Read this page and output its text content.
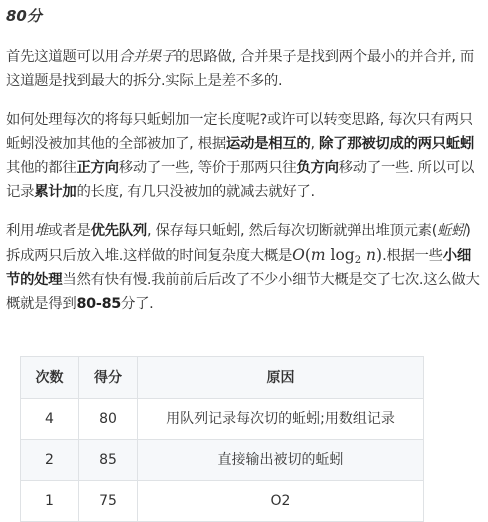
80分

首先这道题可以用合并果子的思路做, 合并果子是找到两个最小的并合并, 而这道题是找到最大的拆分.实际上是差不多的.

如何处理每次的将每只蚯蚓加一定长度呢?或许可以转变思路, 每次只有两只蚯蚓没被加其他的全部被加了, 根据运动是相互的, 除了那被切成的两只蚯蚓其他的都往正方向移动了一些, 等价于那两只往负方向移动了一些. 所以可以记录累计加的长度, 有几只没被加的就减去就好了.

利用堆或者是优先队列, 保存每只蚯蚓, 然后每次切断就弹出堆顶元素(蚯蚓)拆成两只后放入堆.这样做的时间复杂度大概是O(m $\log_2 n$).根据一些小细节的处理当然有快有慢.我前前后后改了不少小细节大概是交了七次.这么做大概就是得到80-85分了.

次数	得分	原因
4	80	用队列记录每次切的蚯蚓;用数组记录
2	85	直接输出被切的蚯蚓
1	75	O2
